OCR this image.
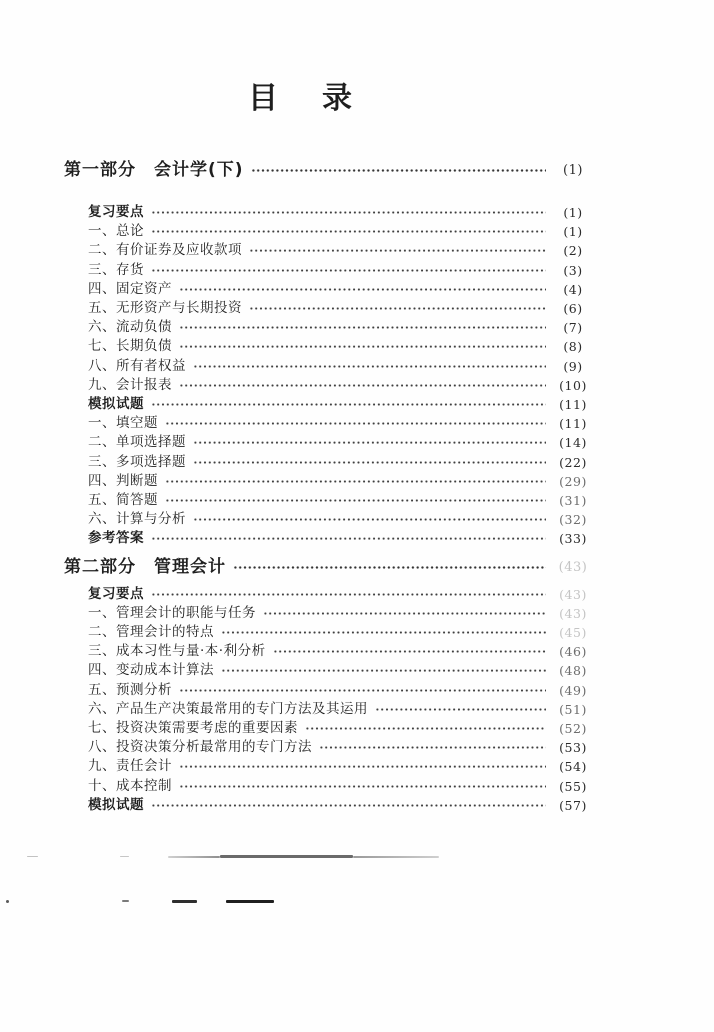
目 录
第一部分　会计学(下)	(1)
复习要点	(1)
一、总论	(1)
二、有价证券及应收款项	(2)
三、存货	(3)
四、固定资产	(4)
五、无形资产与长期投资	(6)
六、流动负债	(7)
七、长期负债	(8)
八、所有者权益	(9)
九、会计报表	(10)
模拟试题	(11)
一、填空题	(11)
二、单项选择题	(14)
三、多项选择题	(22)
四、判断题	(29)
五、简答题	(31)
六、计算与分析	(32)
参考答案	(33)
第二部分　管理会计	(43)
复习要点	(43)
一、管理会计的职能与任务	(43)
二、管理会计的特点	(45)
三、成本习性与量·本·利分析	(46)
四、变动成本计算法	(48)
五、预测分析	(49)
六、产品生产决策最常用的专门方法及其运用	(51)
七、投资决策需要考虑的重要因素	(52)
八、投资决策分析最常用的专门方法	(53)
九、责任会计	(54)
十、成本控制	(55)
模拟试题	(57)
